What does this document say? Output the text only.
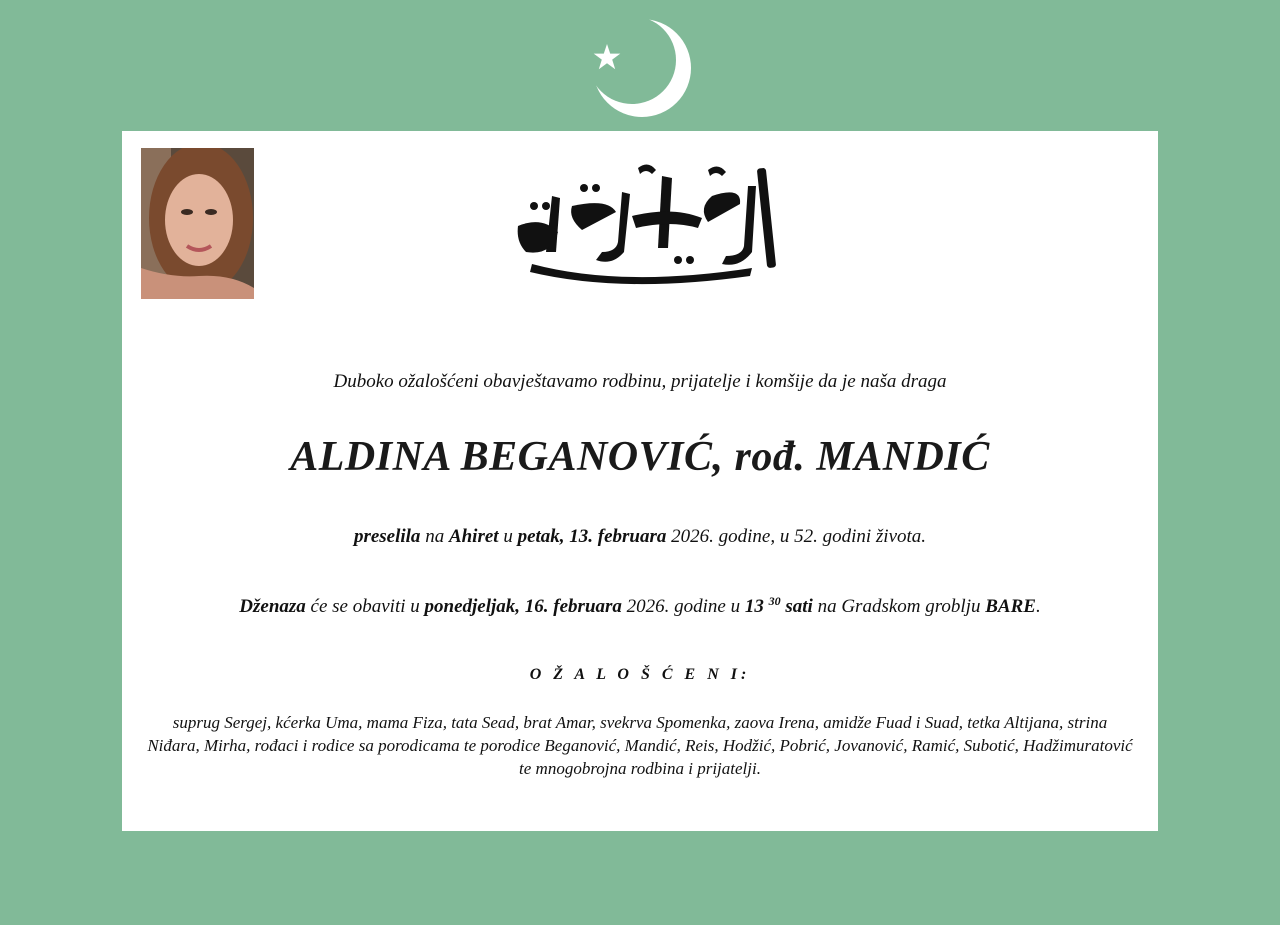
Duboko ožalošćeni obavještavamo rodbinu, prijatelje i komšije da je naša draga
ALDINA BEGANOVIĆ, rođ. MANDIĆ
preselila na Ahiret u petak, 13. februara 2026. godine, u 52. godini života.
Dženaza će se obaviti u ponedjeljak, 16. februara 2026. godine u 13 $^{30}$ sati na Gradskom groblju BARE.
O Ž A L O Š Ć E N I:
suprug Sergej, kćerka Uma, mama Fiza, tata Sead, brat Amar, svekrva Spomenka, zaova Irena, amidže Fuad i Suad, tetka Altijana, strina Niđara, Mirha, rođaci i rodice sa porodicama te porodice Beganović, Mandić, Reis, Hodžić, Pobrić, Jovanović, Ramić, Subotić, Hadžimuratović te mnogobrojna rodbina i prijatelji.
